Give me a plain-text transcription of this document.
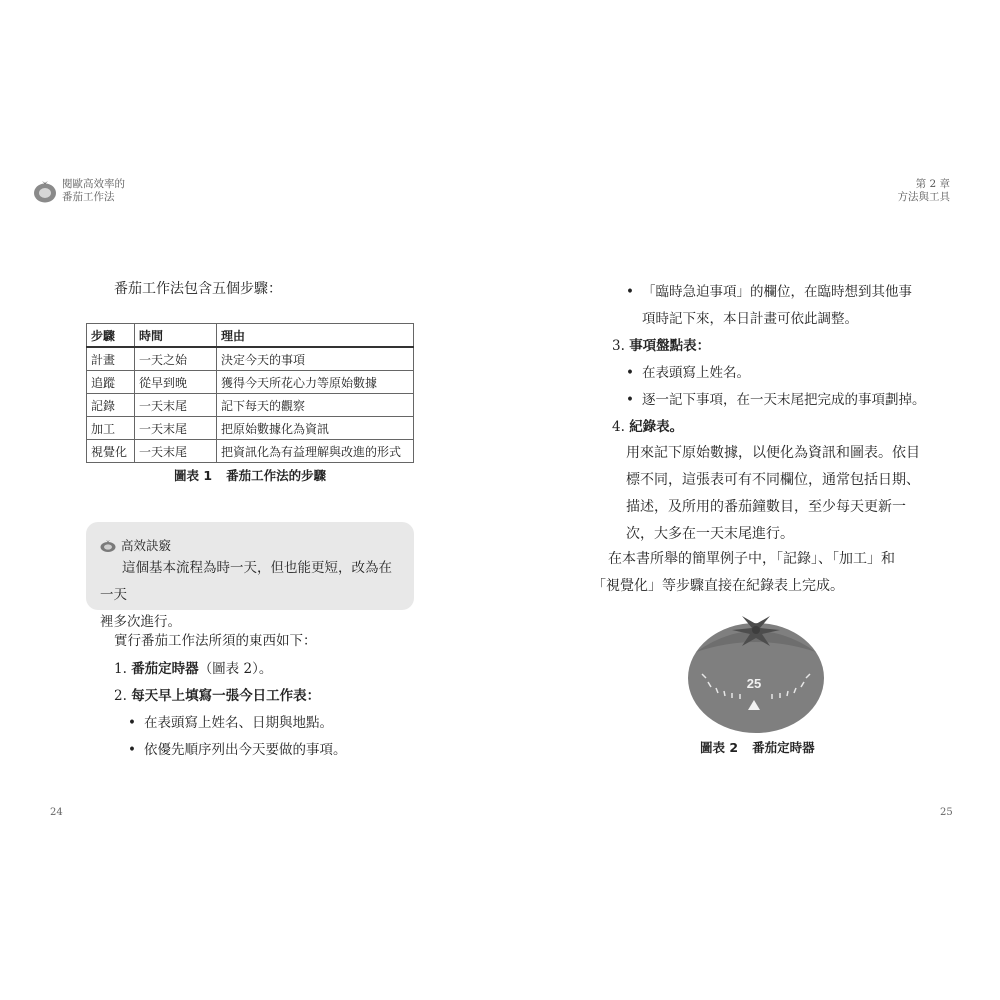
閱歐高效率的
番茄工作法
第 2 章
方法與工具
番茄工作法包含五個步驟：
步驟	時間	理由
計畫	一天之始	決定今天的事項
追蹤	從早到晚	獲得今天所花心力等原始數據
記錄	一天末尾	記下每天的觀察
加工	一天末尾	把原始數據化為資訊
視覺化	一天末尾	把資訊化為有益理解與改進的形式
圖表 1 番茄工作法的步驟
高效訣竅
這個基本流程為時一天，但也能更短，改為在一天
裡多次進行。
實行番茄工作法所須的東西如下：
1. 番茄定時器（圖表 2）。
2. 每天早上填寫一張今日工作表：
• 在表頭寫上姓名、日期與地點。
• 依優先順序列出今天要做的事項。
24
• 「臨時急迫事項」的欄位，在臨時想到其他事
項時記下來，本日計畫可依此調整。
3. 事項盤點表：
• 在表頭寫上姓名。
• 逐一記下事項，在一天末尾把完成的事項劃掉。
4. 紀錄表。
用來記下原始數據，以便化為資訊和圖表。依目
標不同，這張表可有不同欄位，通常包括日期、
描述，及所用的番茄鐘數目，至少每天更新一
次，大多在一天末尾進行。
在本書所舉的簡單例子中，「記錄」、「加工」和
「視覺化」等步驟直接在紀錄表上完成。
25
圖表 2 番茄定時器
25
